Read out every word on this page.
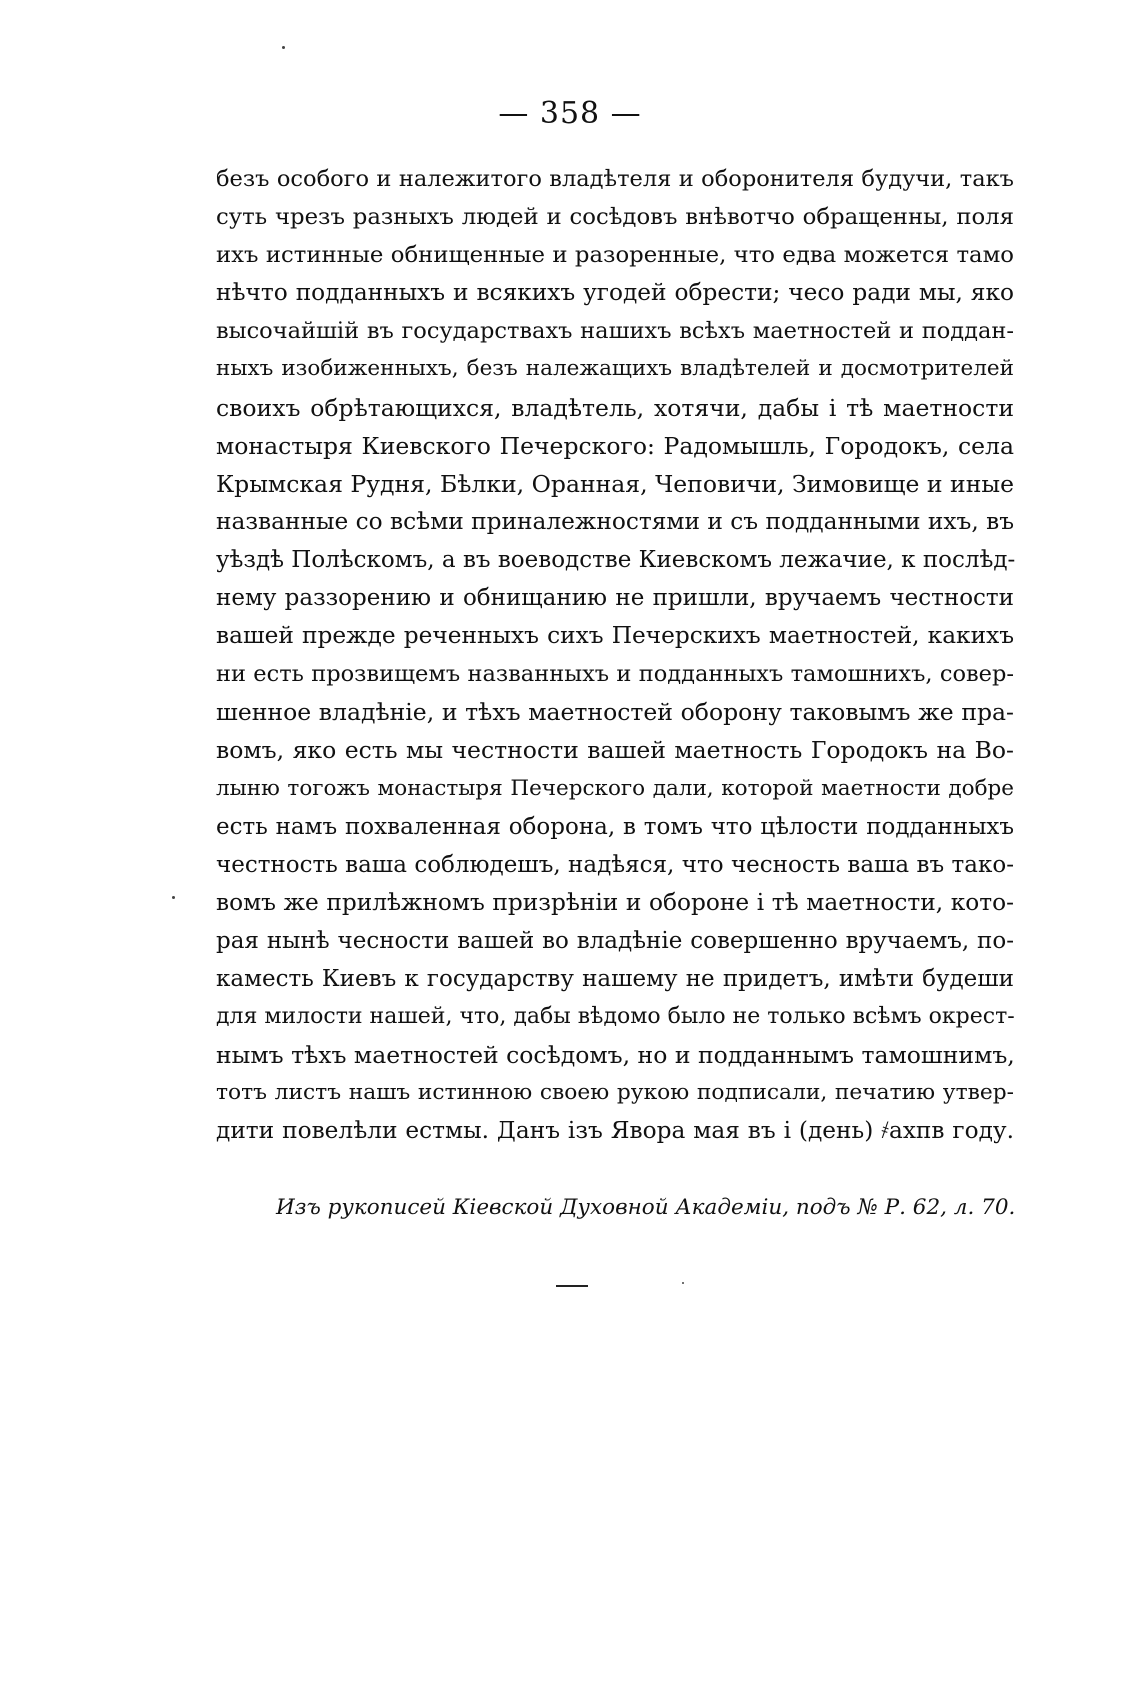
— 358 —
безъ особого и належитого владѣтеля и оборонителя будучи, такъ
суть чрезъ разныхъ людей и сосѣдовъ внѣвотчо обращенны, поля
ихъ истинные обнищенные и разоренные, что едва можется тамо
нѣчто подданныхъ и всякихъ угодей обрести; чесо ради мы, яко
высочайшій въ государствахъ нашихъ всѣхъ маетностей и поддан-
ныхъ изобиженныхъ, безъ належащихъ владѣтелей и досмотрителей
своихъ обрѣтающихся, владѣтель, хотячи, дабы і тѣ маетности
монастыря Киевского Печерского: Радомышль, Городокъ, села
Крымская Рудня, Бѣлки, Оранная, Чеповичи, Зимовище и иные
названные со всѣми приналежностями и съ подданными ихъ, въ
уѣздѣ Полѣскомъ, а въ воеводстве Киевскомъ лежачие, к послѣд-
нему раззорению и обнищанию не пришли, вручаемъ честности
вашей прежде реченныхъ сихъ Печерскихъ маетностей, какихъ
ни есть прозвищемъ названныхъ и подданныхъ тамошнихъ, совер-
шенное владѣніе, и тѣхъ маетностей оборону таковымъ же пра-
вомъ, яко есть мы честности вашей маетность Городокъ на Во-
лыню тогожъ монастыря Печерского дали, которой маетности добре
есть намъ похваленная оборона, в томъ что цѣлости подданныхъ
честность ваша соблюдешъ, надѣяся, что чесность ваша въ тако-
вомъ же прилѣжномъ призрѣніи и обороне і тѣ маетности, кото-
рая нынѣ чесности вашей во владѣніе совершенно вручаемъ, по-
каместь Киевъ к государству нашему не придетъ, имѣти будеши
для милости нашей, что, дабы вѣдомо было не только всѣмъ окрест-
нымъ тѣхъ маетностей сосѣдомъ, но и подданнымъ тамошнимъ,
тотъ листъ нашъ истинною своею рукою подписали, печатию утвер-
дити повелѣли естмы. Данъ ізъ Явора мая въ і (день) ҂ахпв году.
Изъ рукописей Кіевской Духовной Академіи, подъ № Р. 62, л. 70.
